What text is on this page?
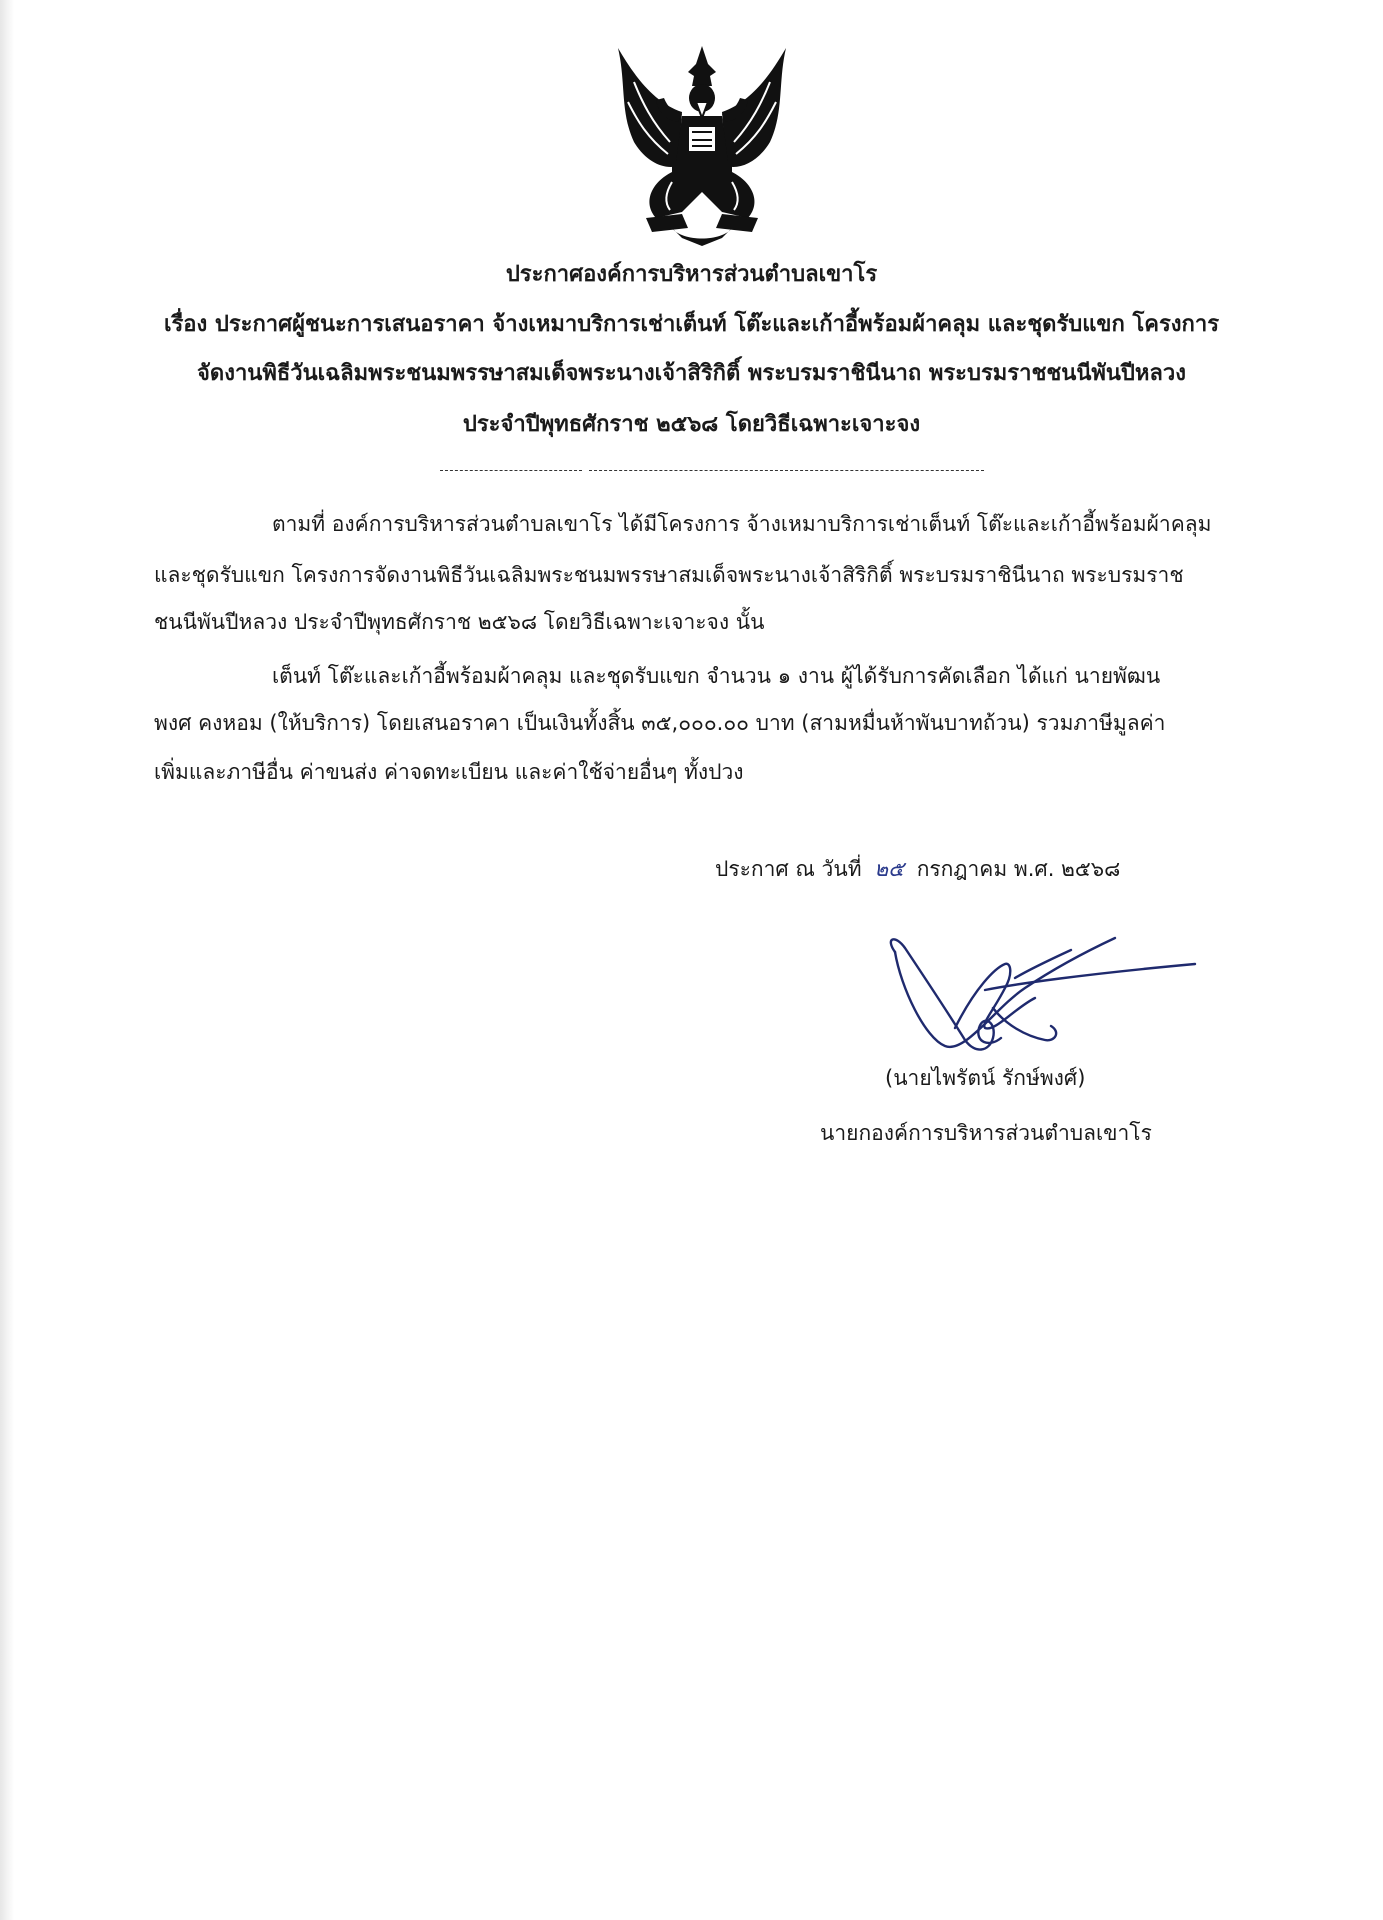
ประกาศองค์การบริหารส่วนตำบลเขาโร
เรื่อง ประกาศผู้ชนะการเสนอราคา จ้างเหมาบริการเช่าเต็นท์ โต๊ะและเก้าอี้พร้อมผ้าคลุม และชุดรับแขก โครงการ
จัดงานพิธีวันเฉลิมพระชนมพรรษาสมเด็จพระนางเจ้าสิริกิติ์ พระบรมราชินีนาถ พระบรมราชชนนีพันปีหลวง
ประจำปีพุทธศักราช ๒๕๖๘ โดยวิธีเฉพาะเจาะจง
ตามที่ องค์การบริหารส่วนตำบลเขาโร ได้มีโครงการ จ้างเหมาบริการเช่าเต็นท์ โต๊ะและเก้าอี้พร้อมผ้าคลุม
และชุดรับแขก โครงการจัดงานพิธีวันเฉลิมพระชนมพรรษาสมเด็จพระนางเจ้าสิริกิติ์ พระบรมราชินีนาถ พระบรมราช
ชนนีพันปีหลวง ประจำปีพุทธศักราช ๒๕๖๘ โดยวิธีเฉพาะเจาะจง นั้น
เต็นท์ โต๊ะและเก้าอี้พร้อมผ้าคลุม และชุดรับแขก จำนวน ๑ งาน ผู้ได้รับการคัดเลือก ได้แก่ นายพัฒน
พงศ คงหอม (ให้บริการ) โดยเสนอราคา เป็นเงินทั้งสิ้น ๓๕,๐๐๐.๐๐ บาท (สามหมื่นห้าพันบาทถ้วน) รวมภาษีมูลค่า
เพิ่มและภาษีอื่น ค่าขนส่ง ค่าจดทะเบียน และค่าใช้จ่ายอื่นๆ ทั้งปวง
ประกาศ ณ วันที่ ๒๕ กรกฎาคม พ.ศ. ๒๕๖๘
(นายไพรัตน์ รักษ์พงศ์)
นายกองค์การบริหารส่วนตำบลเขาโร
